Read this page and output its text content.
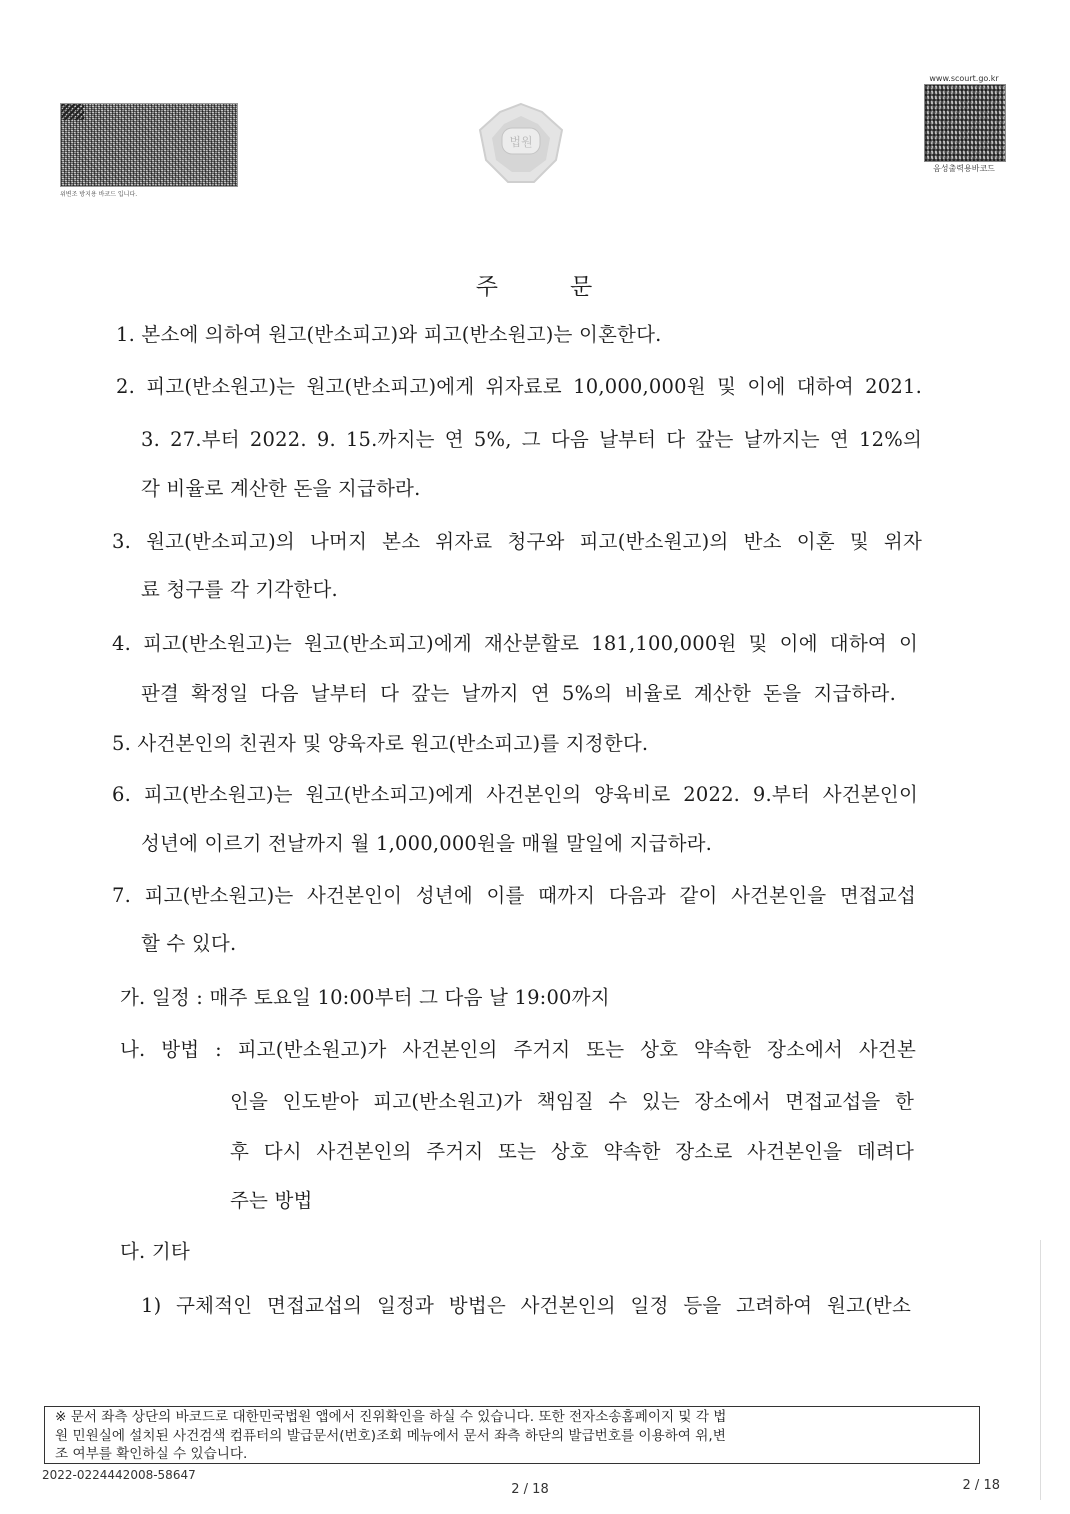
위변조 방지용 바코드 입니다.
법원
www.scourt.go.kr
음성출력용바코드
주	문
1. 본소에 의하여 원고(반소피고)와 피고(반소원고)는 이혼한다.
2. 피고(반소원고)는 원고(반소피고)에게 위자료로 10,000,000원 및 이에 대하여 2021.
3. 27.부터 2022. 9. 15.까지는 연 5%, 그 다음 날부터 다 갚는 날까지는 연 12%의
각 비율로 계산한 돈을 지급하라.
3. 원고(반소피고)의 나머지 본소 위자료 청구와 피고(반소원고)의 반소 이혼 및 위자
료 청구를 각 기각한다.
4. 피고(반소원고)는 원고(반소피고)에게 재산분할로 181,100,000원 및 이에 대하여 이
판결 확정일 다음 날부터 다 갚는 날까지 연 5%의 비율로 계산한 돈을 지급하라.
5. 사건본인의 친권자 및 양육자로 원고(반소피고)를 지정한다.
6. 피고(반소원고)는 원고(반소피고)에게 사건본인의 양육비로 2022. 9.부터 사건본인이
성년에 이르기 전날까지 월 1,000,000원을 매월 말일에 지급하라.
7. 피고(반소원고)는 사건본인이 성년에 이를 때까지 다음과 같이 사건본인을 면접교섭
할 수 있다.
가. 일정 : 매주 토요일 10:00부터 그 다음 날 19:00까지
나. 방법 : 피고(반소원고)가 사건본인의 주거지 또는 상호 약속한 장소에서 사건본
인을 인도받아 피고(반소원고)가 책임질 수 있는 장소에서 면접교섭을 한
후 다시 사건본인의 주거지 또는 상호 약속한 장소로 사건본인을 데려다
주는 방법
다. 기타
1) 구체적인 면접교섭의 일정과 방법은 사건본인의 일정 등을 고려하여 원고(반소
※ 문서 좌측 상단의 바코드로 대한민국법원 앱에서 진위확인을 하실 수 있습니다. 또한 전자소송홈페이지 및 각 법
원 민원실에 설치된 사건검색 컴퓨터의 발급문서(번호)조회 메뉴에서 문서 좌측 하단의 발급번호를 이용하여 위,변
조 여부를 확인하실 수 있습니다.
2022-0224442008-58647
2 / 18	2 / 18
